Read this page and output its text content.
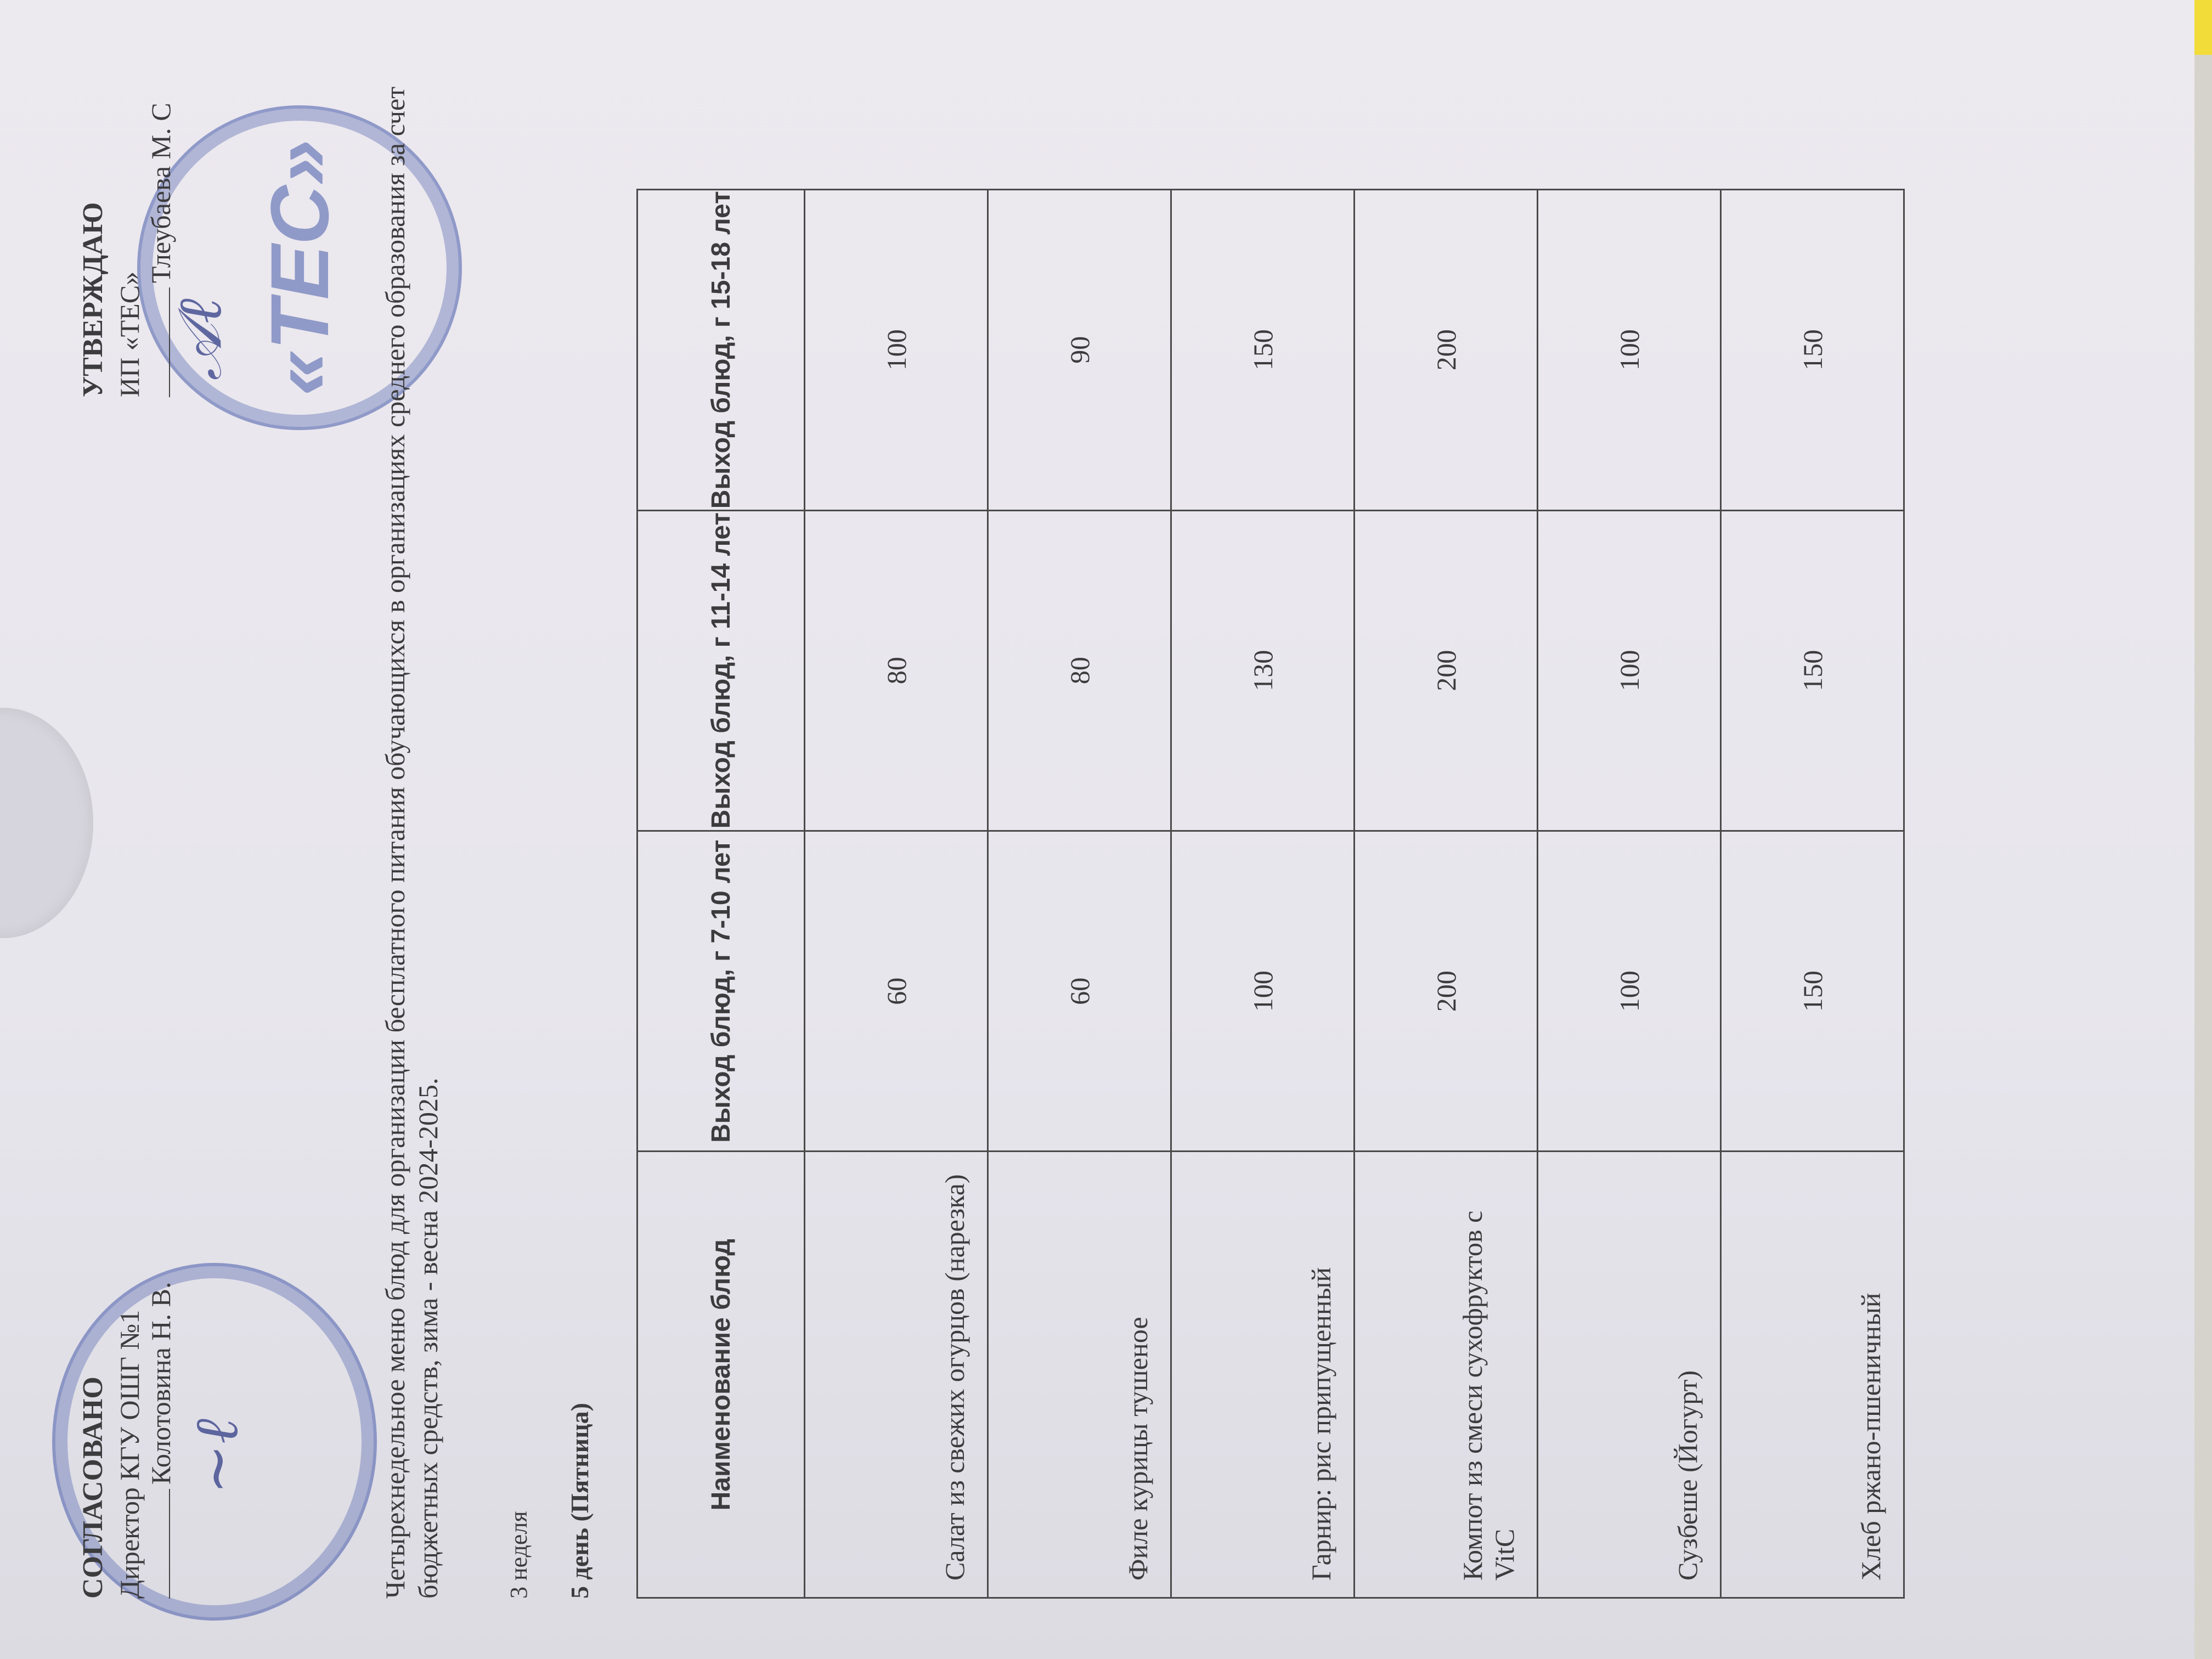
«ТЕС»
~ℓ
𝒜ℓ
СОГЛАСОВАНО Директор КГУ ОШГ №1 Колотовина Н. В.
УТВЕРЖДАЮ ИП «ТЕС»
Тлеубаева М. С	Четырехнедельное меню блюд для организации бесплатного питания обучающихся в организациях среднего образования за счет бюджетных средств, зима - весна 2024-2025.	3 неделя 5 день (Пятница)	Наименование блюд	Выход блюд, г 7-10 лет	Выход блюд, г 11-14 лет	Выход блюд, г 15-18 лет
Салат из свежих огурцов (нарезка)	60	80	100
Филе курицы тушеное	60	80	90
Гарнир: рис припущенный	100	130	150
Компот из смеси сухофруктов с VitC	200	200	200
Сузбеше (Йогурт)	100	100	100
Хлеб ржано-пшеничный	150	150	150
